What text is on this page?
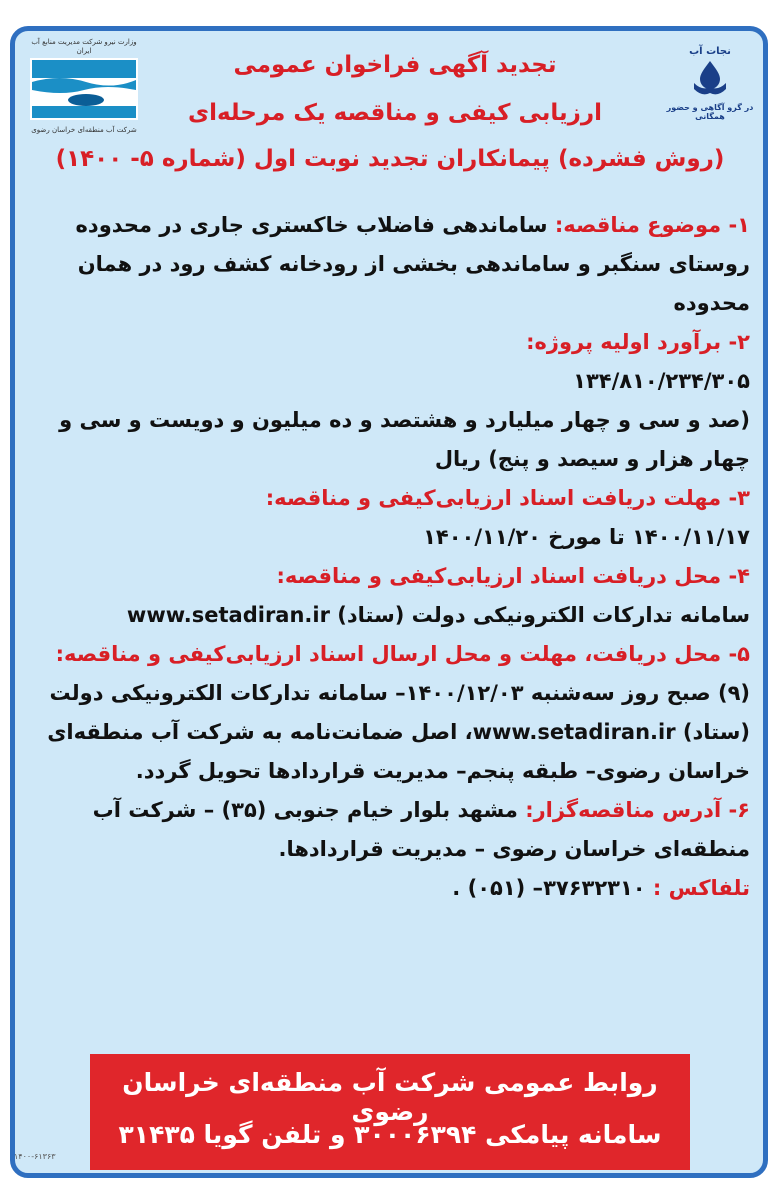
وزارت نیرو شرکت مدیریت منابع آب ایران
شرکت آب منطقه‌ای خراسان رضوی
نجات آب
در گرو آگاهی و حضور همگانی
تجدید آگهی فراخوان عمومی
ارزیابی کیفی و مناقصه یک مرحله‌ای
(روش فشرده) پیمانکاران تجدید نوبت اول (شماره ۵- ۱۴۰۰)

۱- موضوع مناقصه: ساماندهی فاضلاب خاکستری جاری در محدوده روستای سنگبر و ساماندهی بخشی از رودخانه کشف رود در همان محدوده

۲- برآورد اولیه پروژه:

۱۳۴/۸۱۰/۲۳۴/۳۰۵

(صد و سی و چهار میلیارد و هشتصد و ده میلیون و دویست و سی و چهار هزار و سیصد و پنج) ریال

۳- مهلت دریافت اسناد ارزیابی‌کیفی و مناقصه:

۱۴۰۰/۱۱/۱۷ تا مورخ ۱۴۰۰/۱۱/۲۰

۴- محل دریافت اسناد ارزیابی‌کیفی و مناقصه:

سامانه تدارکات الکترونیکی دولت (ستاد) www.setadiran.ir

۵- محل دریافت، مهلت و محل ارسال اسناد ارزیابی‌کیفی و مناقصه:

(۹) صبح روز سه‌شنبه ۱۴۰۰/۱۲/۰۳– سامانه تدارکات الکترونیکی دولت (ستاد) www.setadiran.ir، اصل ضمانت‌نامه به شرکت آب منطقه‌ای خراسان رضوی– طبقه پنجم– مدیریت قراردادها تحویل گردد.

۶- آدرس مناقصه‌گزار: مشهد بلوار خیام جنوبی (۳۵) – شرکت آب منطقه‌ای خراسان رضوی – مدیریت قراردادها.

تلفاکس : ۳۷۶۳۲۳۱۰– (۰۵۱) .

روابط عمومی شرکت آب منطقه‌ای خراسان رضوی
سامانه پیامکی ۳۰۰۰۶۳۹۴ و تلفن گویا ۳۱۴۳۵
۱۴۰۰-۶۱۳۶۳
